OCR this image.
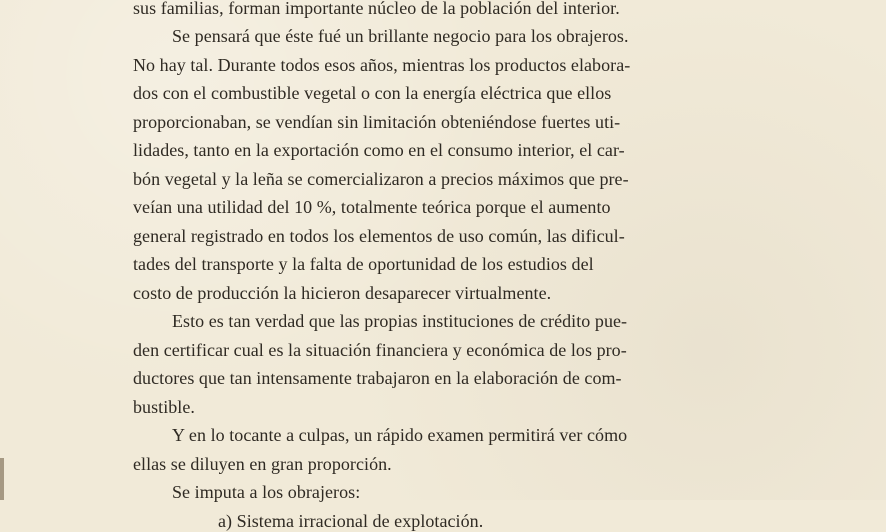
sus familias, forman importante núcleo de la población del interior.
Se pensará que éste fué un brillante negocio para los obrajeros.
No hay tal. Durante todos esos años, mientras los productos elabora-
dos con el combustible vegetal o con la energía eléctrica que ellos
proporcionaban, se vendían sin limitación obteniéndose fuertes uti-
lidades, tanto en la exportación como en el consumo interior, el car-
bón vegetal y la leña se comercializaron a precios máximos que pre-
veían una utilidad del 10 %, totalmente teórica porque el aumento
general registrado en todos los elementos de uso común, las dificul-
tades del transporte y la falta de oportunidad de los estudios del
costo de producción la hicieron desaparecer virtualmente.
Esto es tan verdad que las propias instituciones de crédito pue-
den certificar cual es la situación financiera y económica de los pro-
ductores que tan intensamente trabajaron en la elaboración de com-
bustible.
Y en lo tocante a culpas, un rápido examen permitirá ver cómo
ellas se diluyen en gran proporción.
Se imputa a los obrajeros:
a) Sistema irracional de explotación.
